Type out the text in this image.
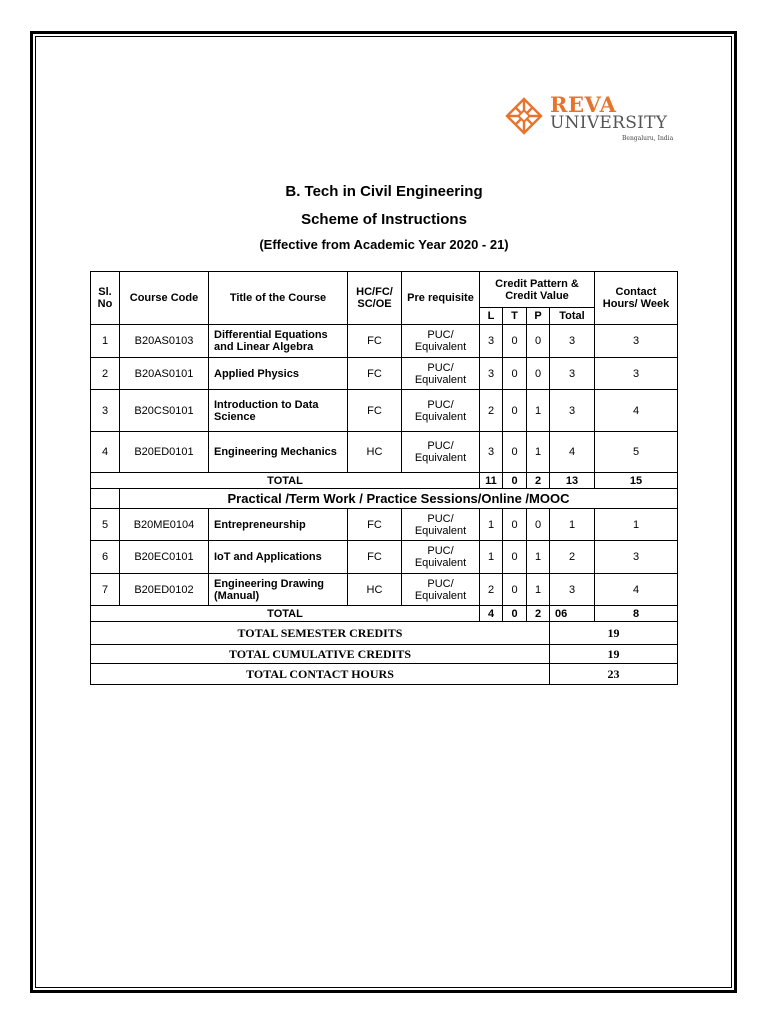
REVA
UNIVERSITY
Bengaluru, India
B. Tech in Civil Engineering
Scheme of Instructions
(Effective from Academic Year 2020 - 21)
Sl. No	Course Code	Title of the Course	HC/FC/ SC/OE	Pre requisite	Credit Pattern & Credit Value				Contact Hours/ Week
					L	T	P	Total	
1	B20AS0103	Differential Equations and Linear Algebra	FC	PUC/ Equivalent	3	0	0	3	3
2	B20AS0101	Applied Physics	FC	PUC/ Equivalent	3	0	0	3	3
3	B20CS0101	Introduction to Data Science	FC	PUC/ Equivalent	2	0	1	3	4
4	B20ED0101	Engineering Mechanics	HC	PUC/ Equivalent	3	0	1	4	5
TOTAL					11	0	2	13	15
	Practical /Term Work / Practice Sessions/Online /MOOC								
5	B20ME0104	Entrepreneurship	FC	PUC/ Equivalent	1	0	0	1	1
6	B20EC0101	IoT and Applications	FC	PUC/ Equivalent	1	0	1	2	3
7	B20ED0102	Engineering Drawing (Manual)	HC	PUC/ Equivalent	2	0	1	3	4
TOTAL					4	0	2	06	8
TOTAL SEMESTER CREDITS								19	
TOTAL CUMULATIVE CREDITS								19	
TOTAL CONTACT HOURS								23	
